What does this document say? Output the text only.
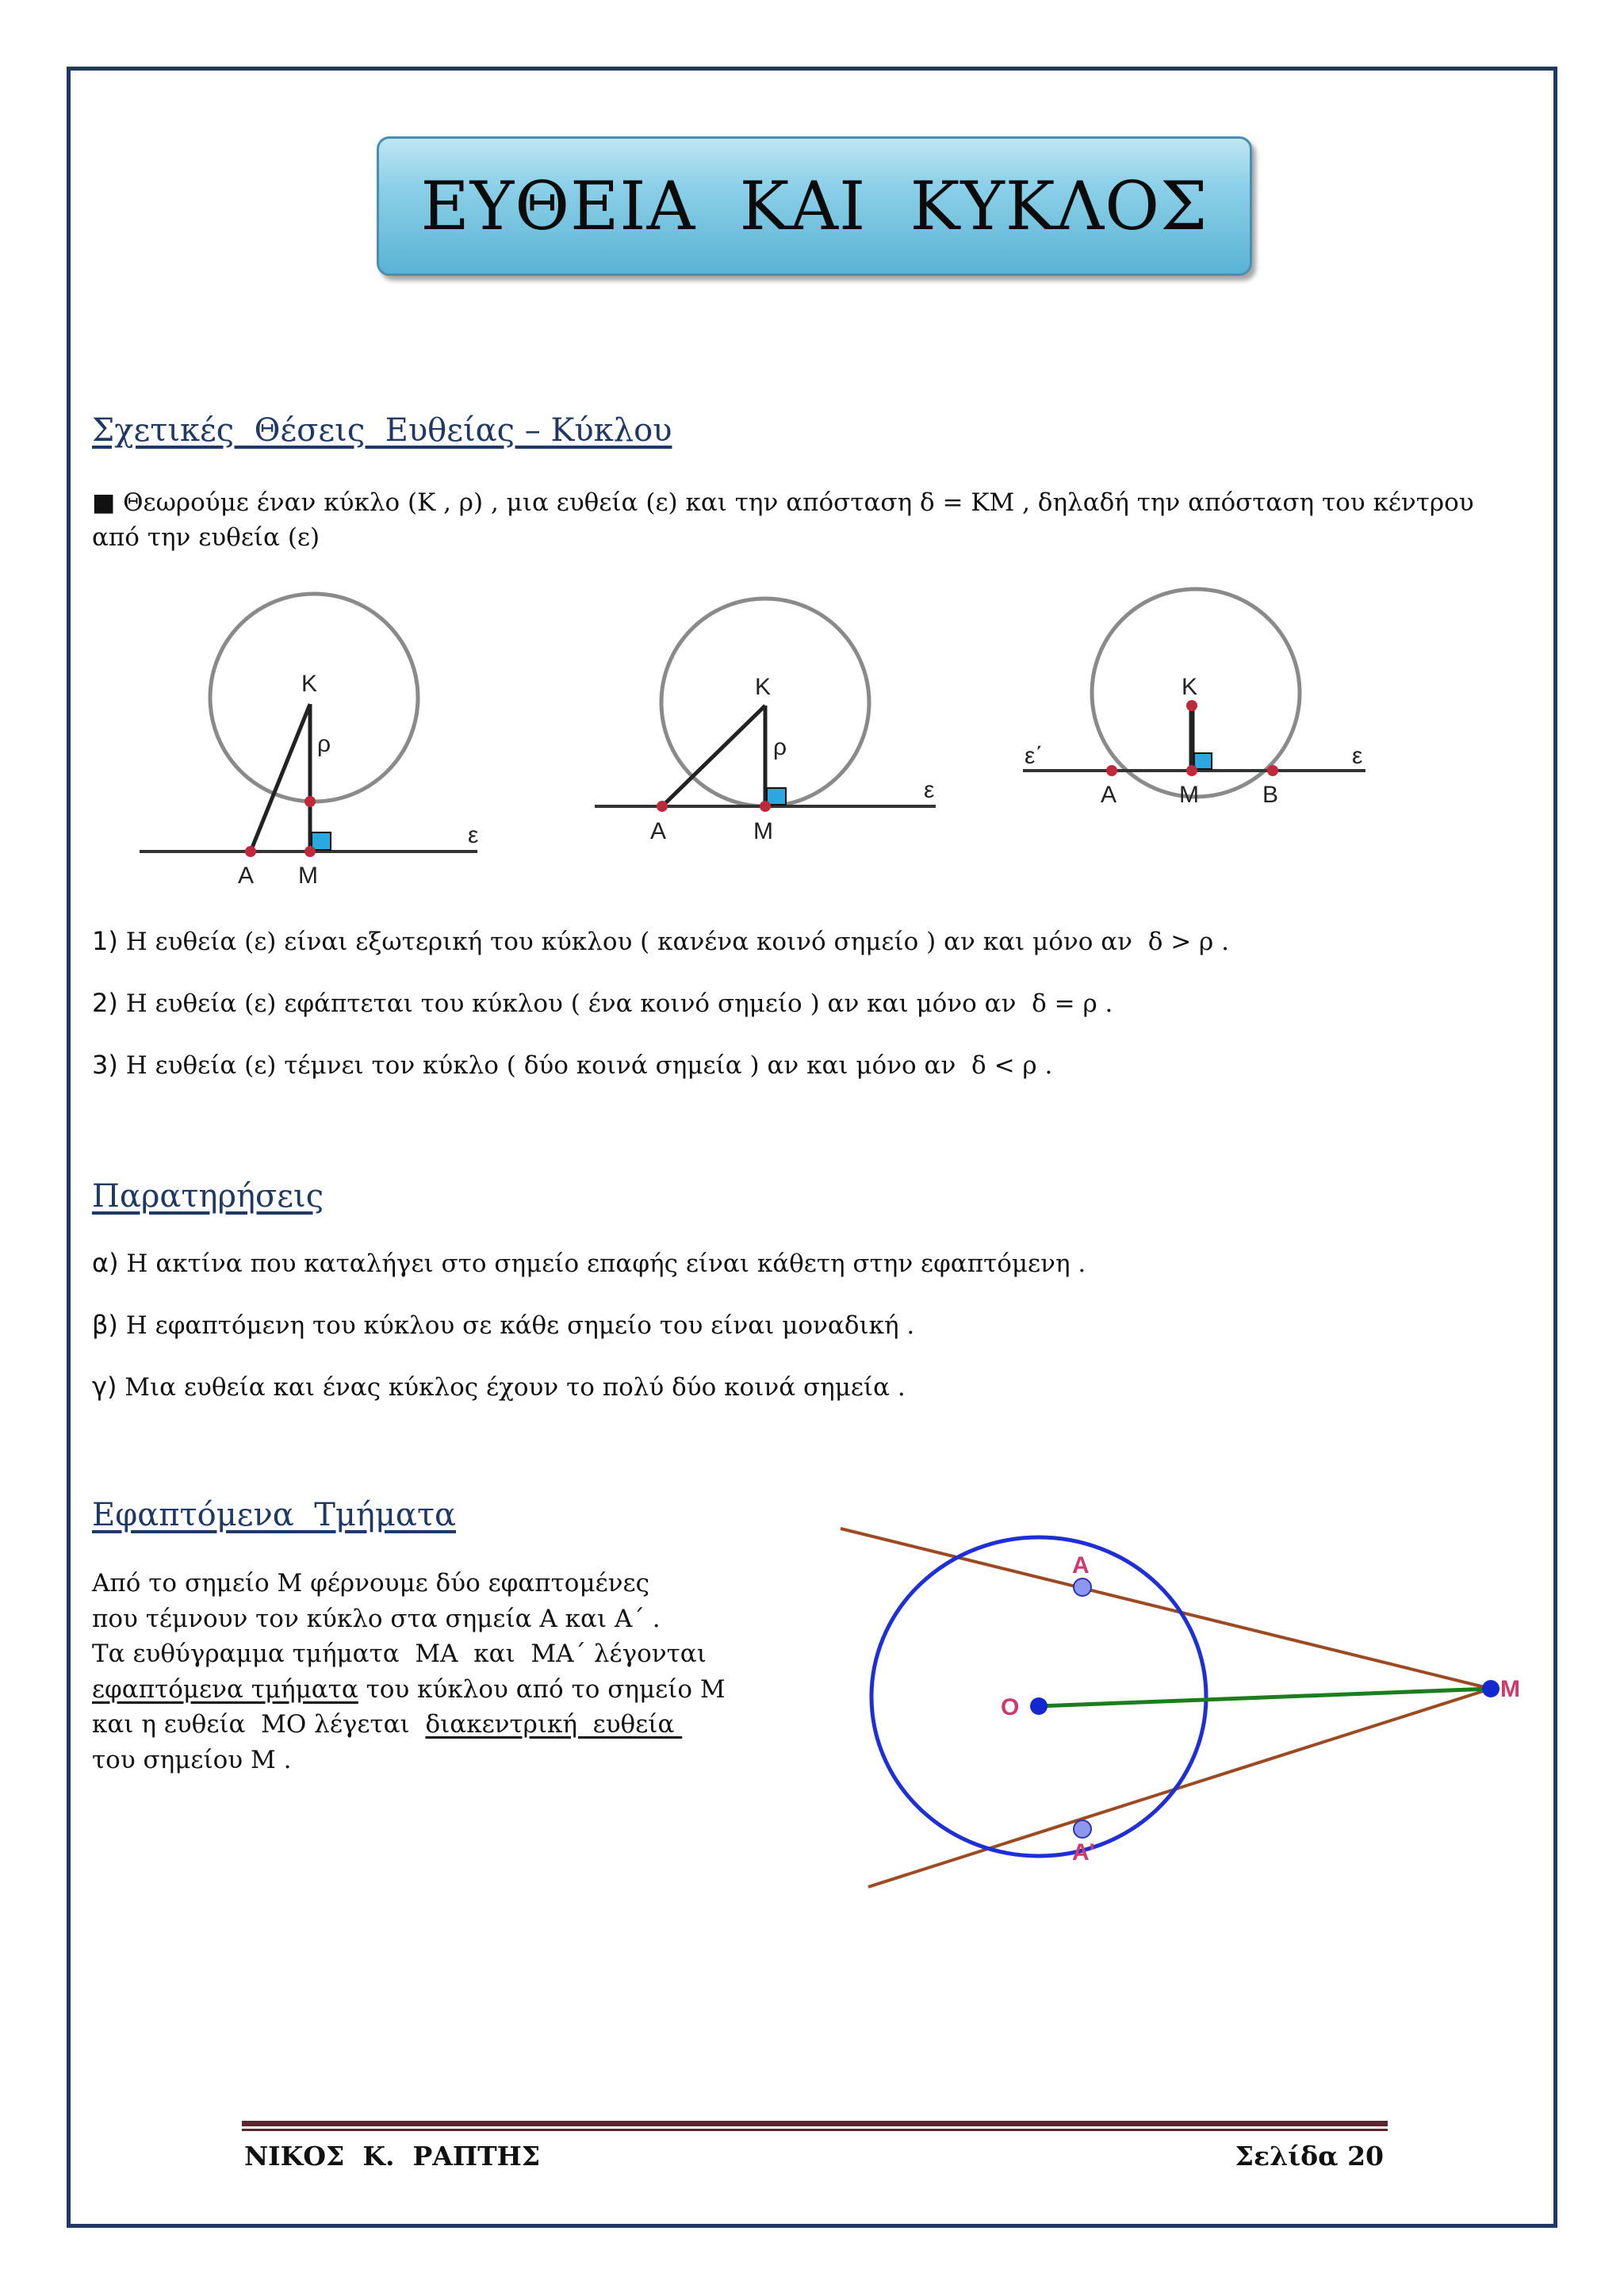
ΕΥΘΕΙΑ  ΚΑΙ  ΚΥΚΛΟΣ
Σχετικές  Θέσεις  Ευθείας – Κύκλου
■ Θεωρούμε έναν κύκλο (Κ , ρ) , μια ευθεία (ε) και την απόσταση δ = ΚΜ , δηλαδή την απόσταση του κέντρου
από την ευθεία (ε)
Κ
ρ
ε
Α Μ
Κ
ρ
ε
Α	Μ
Κ
ε΄	ε
Α	Μ	Β
1) Η ευθεία (ε) είναι εξωτερική του κύκλου ( κανένα κοινό σημείο ) αν και μόνο αν  δ > ρ .
2) Η ευθεία (ε) εφάπτεται του κύκλου ( ένα κοινό σημείο ) αν και μόνο αν  δ = ρ .
3) Η ευθεία (ε) τέμνει τον κύκλο ( δύο κοινά σημεία ) αν και μόνο αν  δ < ρ .
Παρατηρήσεις
α) Η ακτίνα που καταλήγει στο σημείο επαφής είναι κάθετη στην εφαπτόμενη .
β) Η εφαπτόμενη του κύκλου σε κάθε σημείο του είναι μοναδική .
γ) Μια ευθεία και ένας κύκλος έχουν το πολύ δύο κοινά σημεία .
Εφαπτόμενα  Τμήματα
Από το σημείο Μ φέρνουμε δύο εφαπτομένες
που τέμνουν τον κύκλο στα σημεία Α και Α΄ .
Τα ευθύγραμμα τμήματα  ΜΑ  και  ΜΑ΄ λέγονται
εφαπτόμενα τμήματα του κύκλου από το σημείο Μ
και η ευθεία  ΜΟ λέγεται  διακεντρική  ευθεία
του σημείου Μ .
A
A'
O
M
ΝΙΚΟΣ  Κ.  ΡΑΠΤΗΣ	Σελίδα 20
